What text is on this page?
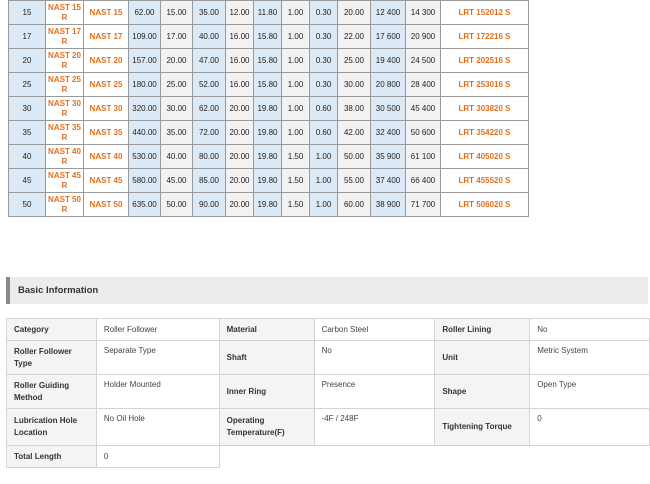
15	NAST 15 R	NAST 15	62.00	15.00	35.00	12.00	11.80	1.00	0.30	20.00	12 400	14 300	LRT 152012 S
17	NAST 17 R	NAST 17	109.00	17.00	40.00	16.00	15.80	1.00	0.30	22.00	17 600	20 900	LRT 172216 S
20	NAST 20 R	NAST 20	157.00	20.00	47.00	16.00	15.80	1.00	0.30	25.00	19 400	24 500	LRT 202516 S
25	NAST 25 R	NAST 25	180.00	25.00	52.00	16.00	15.80	1.00	0.30	30.00	20 800	28 400	LRT 253016 S
30	NAST 30 R	NAST 30	320.00	30.00	62.00	20.00	19.80	1.00	0.60	38.00	30 500	45 400	LRT 303820 S
35	NAST 35 R	NAST 35	440.00	35.00	72.00	20.00	19.80	1.00	0.60	42.00	32 400	50 600	LRT 354220 S
40	NAST 40 R	NAST 40	530.00	40.00	80.00	20.00	19.80	1.50	1.00	50.00	35 900	61 100	LRT 405020 S
45	NAST 45 R	NAST 45	580.00	45.00	85.00	20.00	19.80	1.50	1.00	55.00	37 400	66 400	LRT 455520 S
50	NAST 50 R	NAST 50	635.00	50.00	90.00	20.00	19.80	1.50	1.00	60.00	38 900	71 700	LRT 506020 S
Basic Information
Category	Roller Follower	Material	Carbon Steel	Roller Lining	No
Roller Follower Type	Separate Type	Shaft	No	Unit	Metric System
Roller Guiding Method	Holder Mounted	Inner Ring	Presence	Shape	Open Type
Lubrication Hole Location	No Oil Hole	Operating Temperature(F)	-4F / 248F	Tightening Torque	0
Total Length	0				
